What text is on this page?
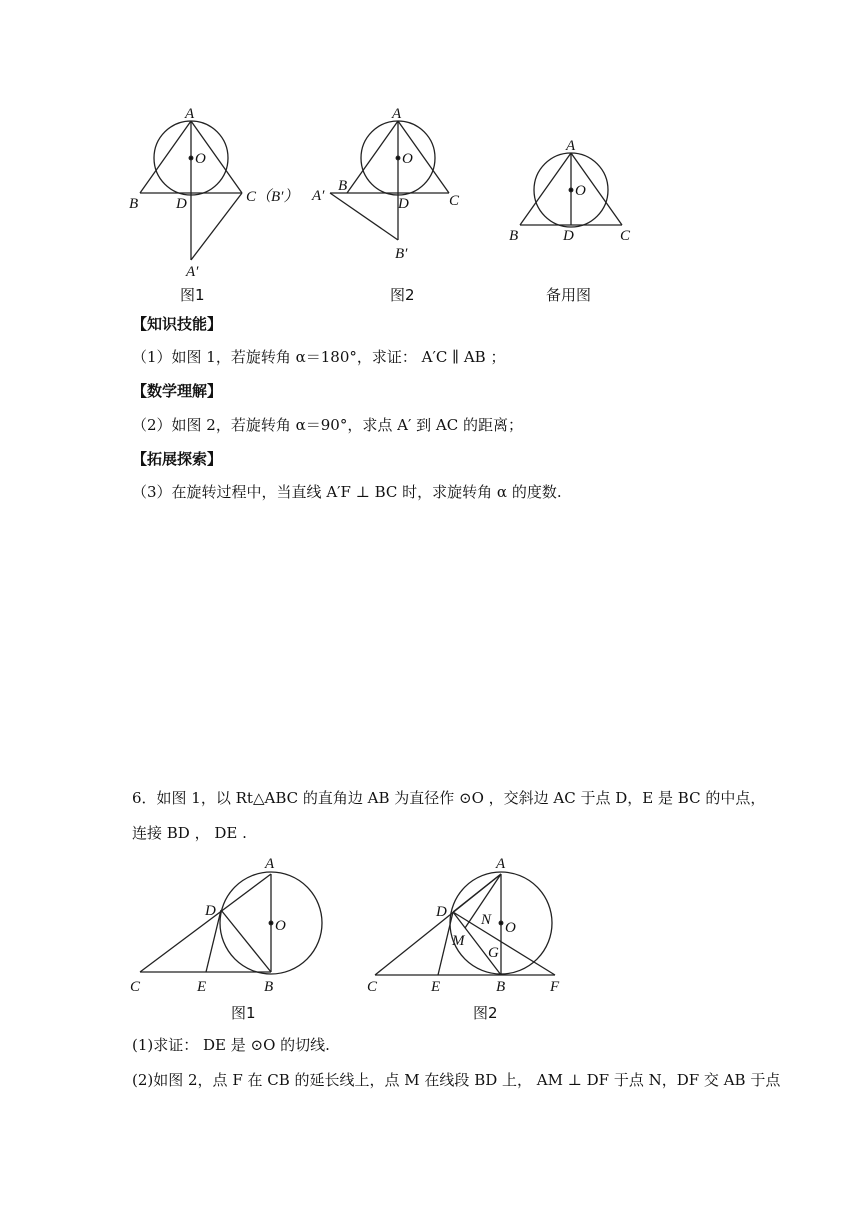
A
O
B	D	C（B′）
A′
A
O
A′
B
D	C
B′
A
O
B	D	C
A
D
O
C	E	B
A
D N O
M
G
C	E	B	F
图1	图2	备用图
【知识技能】
（1）如图 1，若旋转角 α＝180°，求证： A′C ∥ AB ；
【数学理解】
（2）如图 2，若旋转角 α＝90°，求点 A′ 到 AC 的距离；
【拓展探索】
（3）在旋转过程中，当直线 A′F ⊥ BC 时，求旋转角 α 的度数.
6．如图 1，以 Rt△ABC 的直角边 AB 为直径作 ⊙O ，交斜边 AC 于点 D，E 是 BC 的中点，
连接 BD ， DE .
图1	图2
(1)求证： DE 是 ⊙O 的切线.
(2)如图 2，点 F 在 CB 的延长线上，点 M 在线段 BD 上， AM ⊥ DF 于点 N，DF 交 AB 于点
